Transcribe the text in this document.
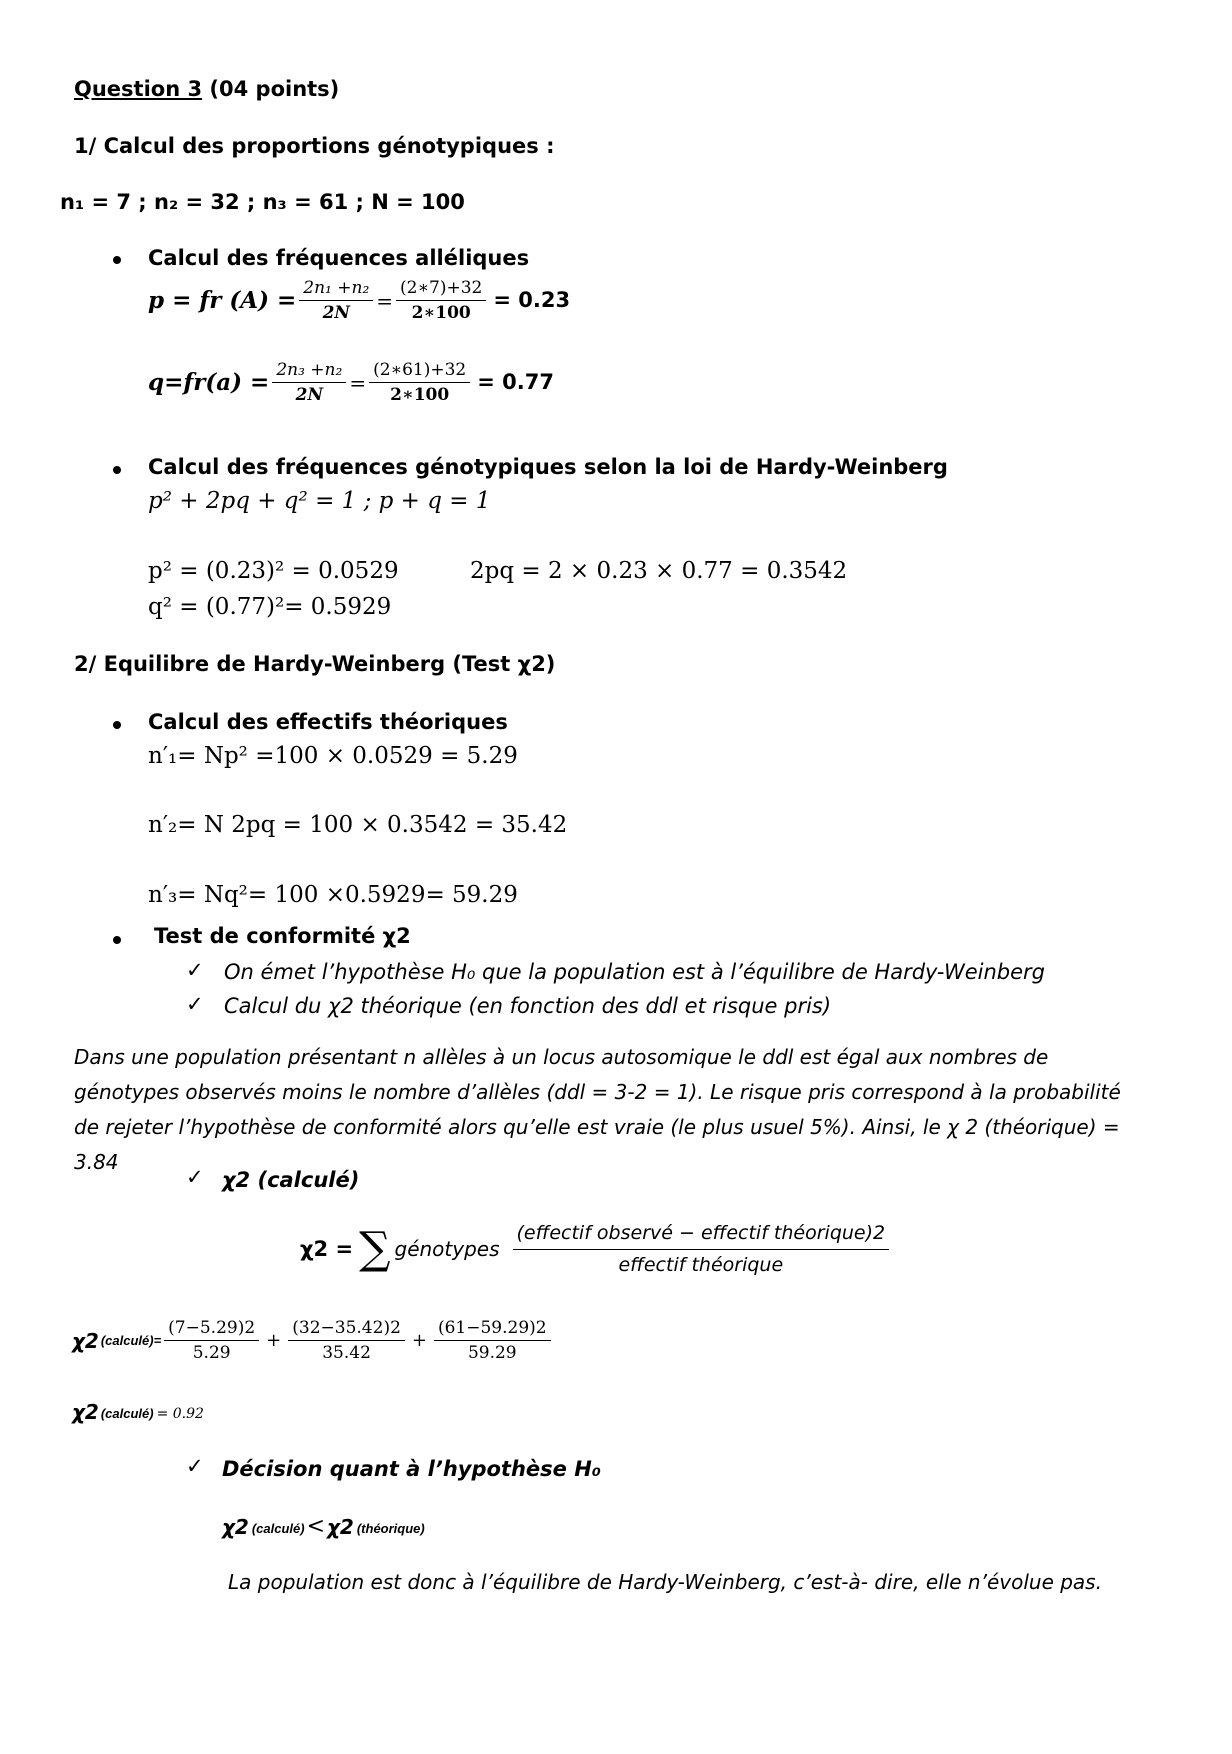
Question 3 (04 points)
1/ Calcul des proportions génotypiques :
n₁ = 7 ; n₂ = 32 ; n₃ = 61 ; N = 100
Calcul des fréquences alléliques
p = fr $(A) = \frac{\text{2n₁ +n₂}}{2N} = \frac{(2∗7)+32}{2∗100} = 0.23$
$q=fr(a) = \frac{\text{2n₃ +n₂}}{2N} = \frac{(2∗61)+32}{2∗100} = 0.77$
Calcul des fréquences génotypiques selon la loi de Hardy-Weinberg
p² + 2pq + q² = 1 ; p + q = 1
p² = (0.23)² = 0.0529	2pq = 2 × 0.23 × 0.77 = 0.3542
q² = (0.77)²= 0.5929
2/ Equilibre de Hardy-Weinberg (Test χ2)
Calcul des effectifs théoriques
n′₁= Np² =100 × 0.0529 = 5.29
n′₂= N 2pq = 100 × 0.3542 = 35.42
n′₃= Nq²= 100 ×0.5929= 59.29
Test de conformité χ2
✓ On émet l’hypothèse H₀ que la population est à l’équilibre de Hardy-Weinberg
✓ Calcul du χ2 théorique (en fonction des ddl et risque pris)
Dans une population présentant n allèles à un locus autosomique le ddl est égal aux nombres de génotypes observés moins le nombre d’allèles (ddl = 3-2 = 1). Le risque pris correspond à la probabilité de rejeter l’hypothèse de conformité alors qu’elle est vraie (le plus usuel 5%). Ainsi, le χ 2 (théorique) = 3.84
✓ χ2 (calculé)
χ2 = ∑ génotypes $\frac{\text{(effectif observé − effectif théorique)2}}{\text{effectif théorique}}$
χ2 (calculé)= $\frac{(7-5.29)2}{5.29} + \frac{(32-35.42)2}{35.42} + \frac{(61-59.29)2}{59.29}$
χ2 (calculé) = 0.92
✓ Décision quant à l’hypothèse H₀
χ2 (calculé) < χ2 (théorique)
La population est donc à l’équilibre de Hardy-Weinberg, c’est-à- dire, elle n’évolue pas.
